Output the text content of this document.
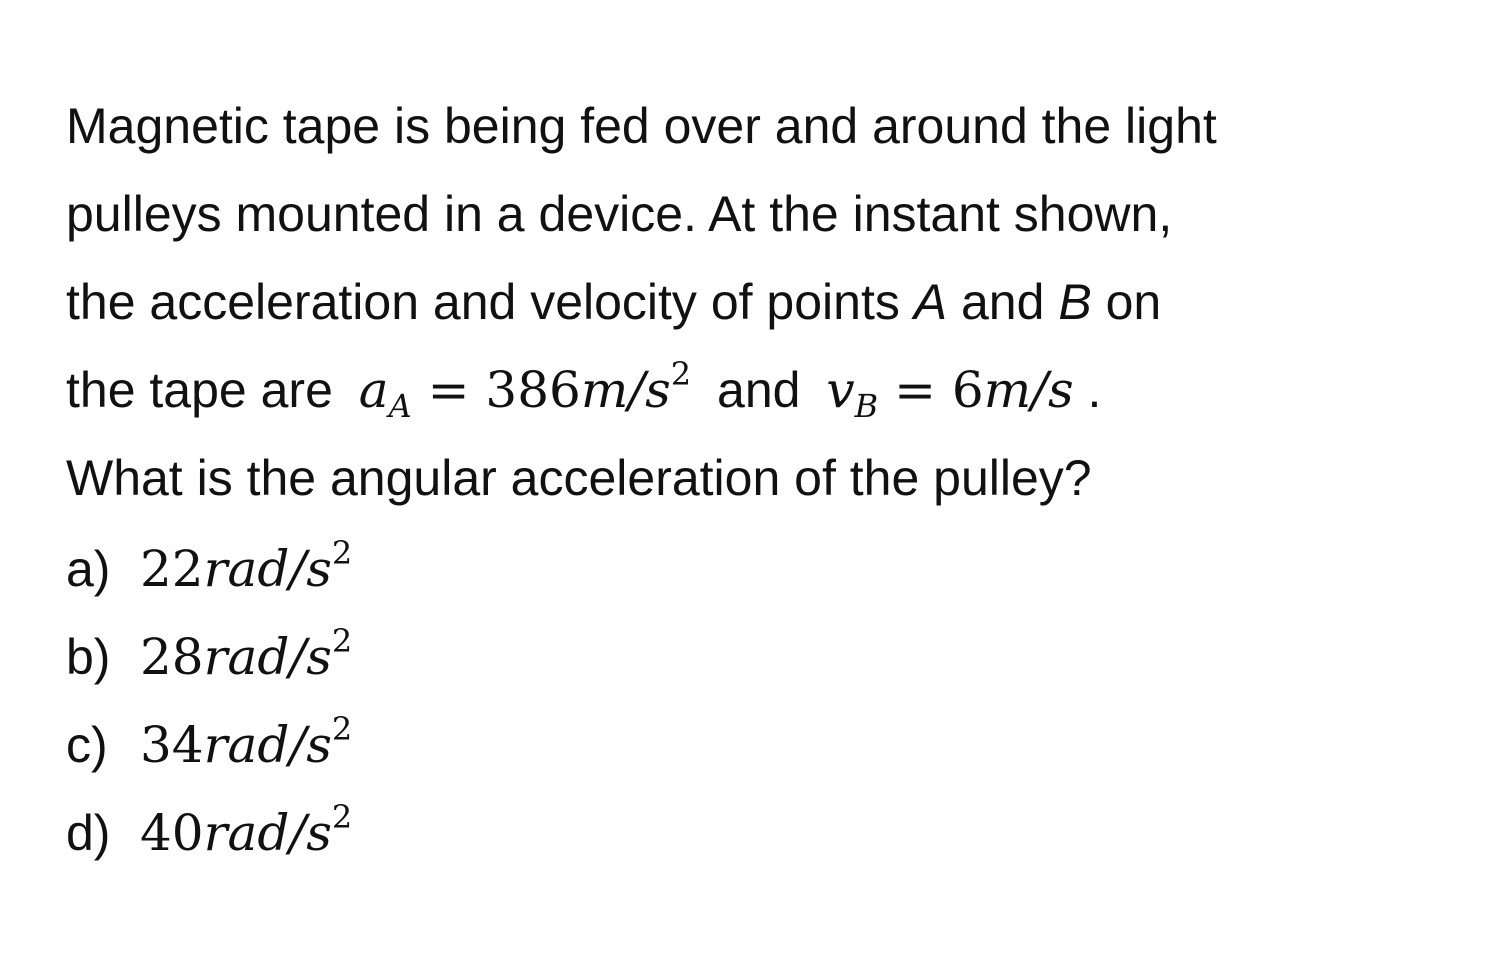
Magnetic tape is being fed over and around the light
pulleys mounted in a device. At the instant shown,
the acceleration and velocity of points A and B on
the tape are $a_A = 386m/s^2$ and $v_B = 6m/s$ .
What is the angular acceleration of the pulley?
a) $22rad/s^2$
b) $28rad/s^2$
c) $34rad/s^2$
d) $40rad/s^2$
